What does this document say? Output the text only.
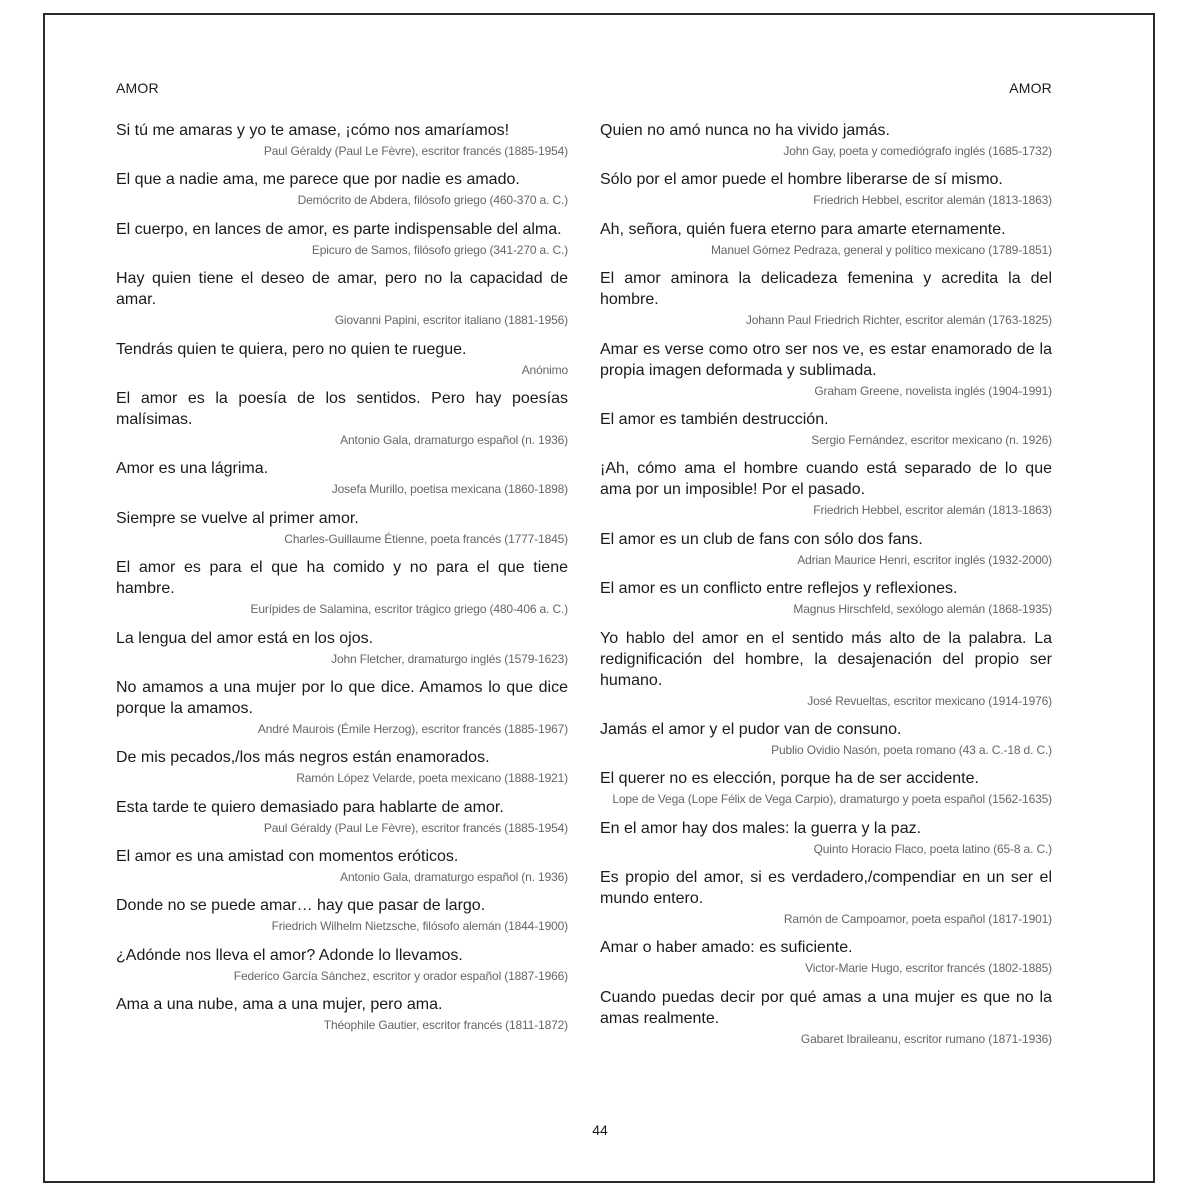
AMOR	AMOR

Si tú me amaras y yo te amase, ¡cómo nos amaríamos!

Paul Géraldy (Paul Le Fèvre), escritor francés (1885-1954)

El que a nadie ama, me parece que por nadie es amado.

Demócrito de Abdera, filósofo griego (460-370 a. C.)

El cuerpo, en lances de amor, es parte indispensable del alma.

Epicuro de Samos, filósofo griego (341-270 a. C.)

Hay quien tiene el deseo de amar, pero no la capacidad de amar.

Giovanni Papini, escritor italiano (1881-1956)

Tendrás quien te quiera, pero no quien te ruegue.

Anónimo

El amor es la poesía de los sentidos. Pero hay poesías malísimas.

Antonio Gala, dramaturgo español (n. 1936)

Amor es una lágrima.

Josefa Murillo, poetisa mexicana (1860-1898)

Siempre se vuelve al primer amor.

Charles-Guillaume Étienne, poeta francés (1777-1845)

El amor es para el que ha comido y no para el que tiene hambre.

Eurípides de Salamina, escritor trágico griego (480-406 a. C.)

La lengua del amor está en los ojos.

John Fletcher, dramaturgo inglés (1579-1623)

No amamos a una mujer por lo que dice. Amamos lo que dice porque la amamos.

André Maurois (Émile Herzog), escritor francés (1885-1967)

De mis pecados,/los más negros están enamorados.

Ramón López Velarde, poeta mexicano (1888-1921)

Esta tarde te quiero demasiado para hablarte de amor.

Paul Géraldy (Paul Le Fèvre), escritor francés (1885-1954)

El amor es una amistad con momentos eróticos.

Antonio Gala, dramaturgo español (n. 1936)

Donde no se puede amar… hay que pasar de largo.

Friedrich Wilhelm Nietzsche, filósofo alemán (1844-1900)

¿Adónde nos lleva el amor? Adonde lo llevamos.

Federico García Sánchez, escritor y orador español (1887-1966)

Ama a una nube, ama a una mujer, pero ama.

Théophile Gautier, escritor francés (1811-1872)

Quien no amó nunca no ha vivido jamás.

John Gay, poeta y comediógrafo inglés (1685-1732)

Sólo por el amor puede el hombre liberarse de sí mismo.

Friedrich Hebbel, escritor alemán (1813-1863)

Ah, señora, quién fuera eterno para amarte eternamente.

Manuel Gómez Pedraza, general y político mexicano (1789-1851)

El amor aminora la delicadeza femenina y acredita la del hombre.

Johann Paul Friedrich Richter, escritor alemán (1763-1825)

Amar es verse como otro ser nos ve, es estar enamorado de la propia imagen deformada y sublimada.

Graham Greene, novelista inglés (1904-1991)

El amor es también destrucción.

Sergio Fernández, escritor mexicano (n. 1926)

¡Ah, cómo ama el hombre cuando está separado de lo que ama por un imposible! Por el pasado.

Friedrich Hebbel, escritor alemán (1813-1863)

El amor es un club de fans con sólo dos fans.

Adrian Maurice Henri, escritor inglés (1932-2000)

El amor es un conflicto entre reflejos y reflexiones.

Magnus Hirschfeld, sexólogo alemán (1868-1935)

Yo hablo del amor en el sentido más alto de la palabra. La redignificación del hombre, la desajenación del propio ser humano.

José Revueltas, escritor mexicano (1914-1976)

Jamás el amor y el pudor van de consuno.

Publio Ovidio Nasón, poeta romano (43 a. C.-18 d. C.)

El querer no es elección, porque ha de ser accidente.

Lope de Vega (Lope Félix de Vega Carpio), dramaturgo y poeta español (1562-1635)

En el amor hay dos males: la guerra y la paz.

Quinto Horacio Flaco, poeta latino (65-8 a. C.)

Es propio del amor, si es verdadero,/compendiar en un ser el mundo entero.

Ramón de Campoamor, poeta español (1817-1901)

Amar o haber amado: es suficiente.

Victor-Marie Hugo, escritor francés (1802-1885)

Cuando puedas decir por qué amas a una mujer es que no la amas realmente.

Gabaret Ibraileanu, escritor rumano (1871-1936)

44
